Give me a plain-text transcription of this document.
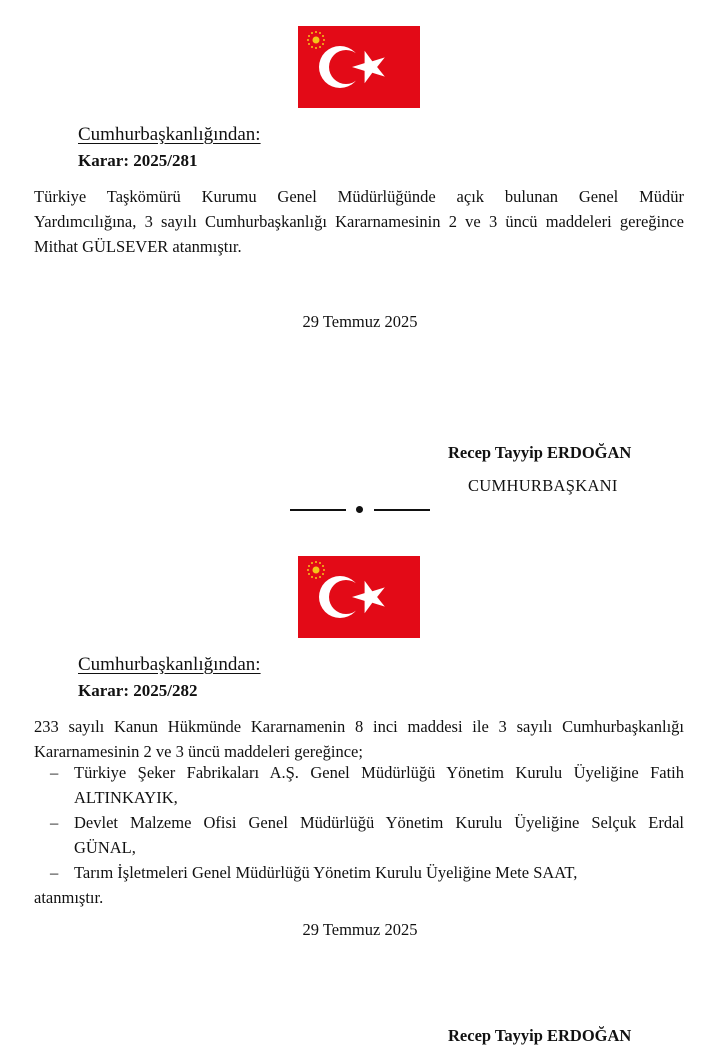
Cumhurbaşkanlığından:
Karar: 2025/281
Türkiye Taşkömürü Kurumu Genel Müdürlüğünde açık bulunan Genel Müdür
Yardımcılığına, 3 sayılı Cumhurbaşkanlığı Kararnamesinin 2 ve 3 üncü maddeleri gereğince
Mithat GÜLSEVER atanmıştır.
29 Temmuz 2025
Recep Tayyip ERDOĞAN
CUMHURBAŞKANI
Cumhurbaşkanlığından:
Karar: 2025/282
233 sayılı Kanun Hükmünde Kararnamenin 8 inci maddesi ile 3 sayılı Cumhurbaşkanlığı
Kararnamesinin 2 ve 3 üncü maddeleri gereğince;
– Türkiye Şeker Fabrikaları A.Ş. Genel Müdürlüğü Yönetim Kurulu Üyeliğine Fatih
ALTINKAYIK,
– Devlet Malzeme Ofisi Genel Müdürlüğü Yönetim Kurulu Üyeliğine Selçuk Erdal
GÜNAL,
– Tarım İşletmeleri Genel Müdürlüğü Yönetim Kurulu Üyeliğine Mete SAAT,
atanmıştır.
29 Temmuz 2025
Recep Tayyip ERDOĞAN
